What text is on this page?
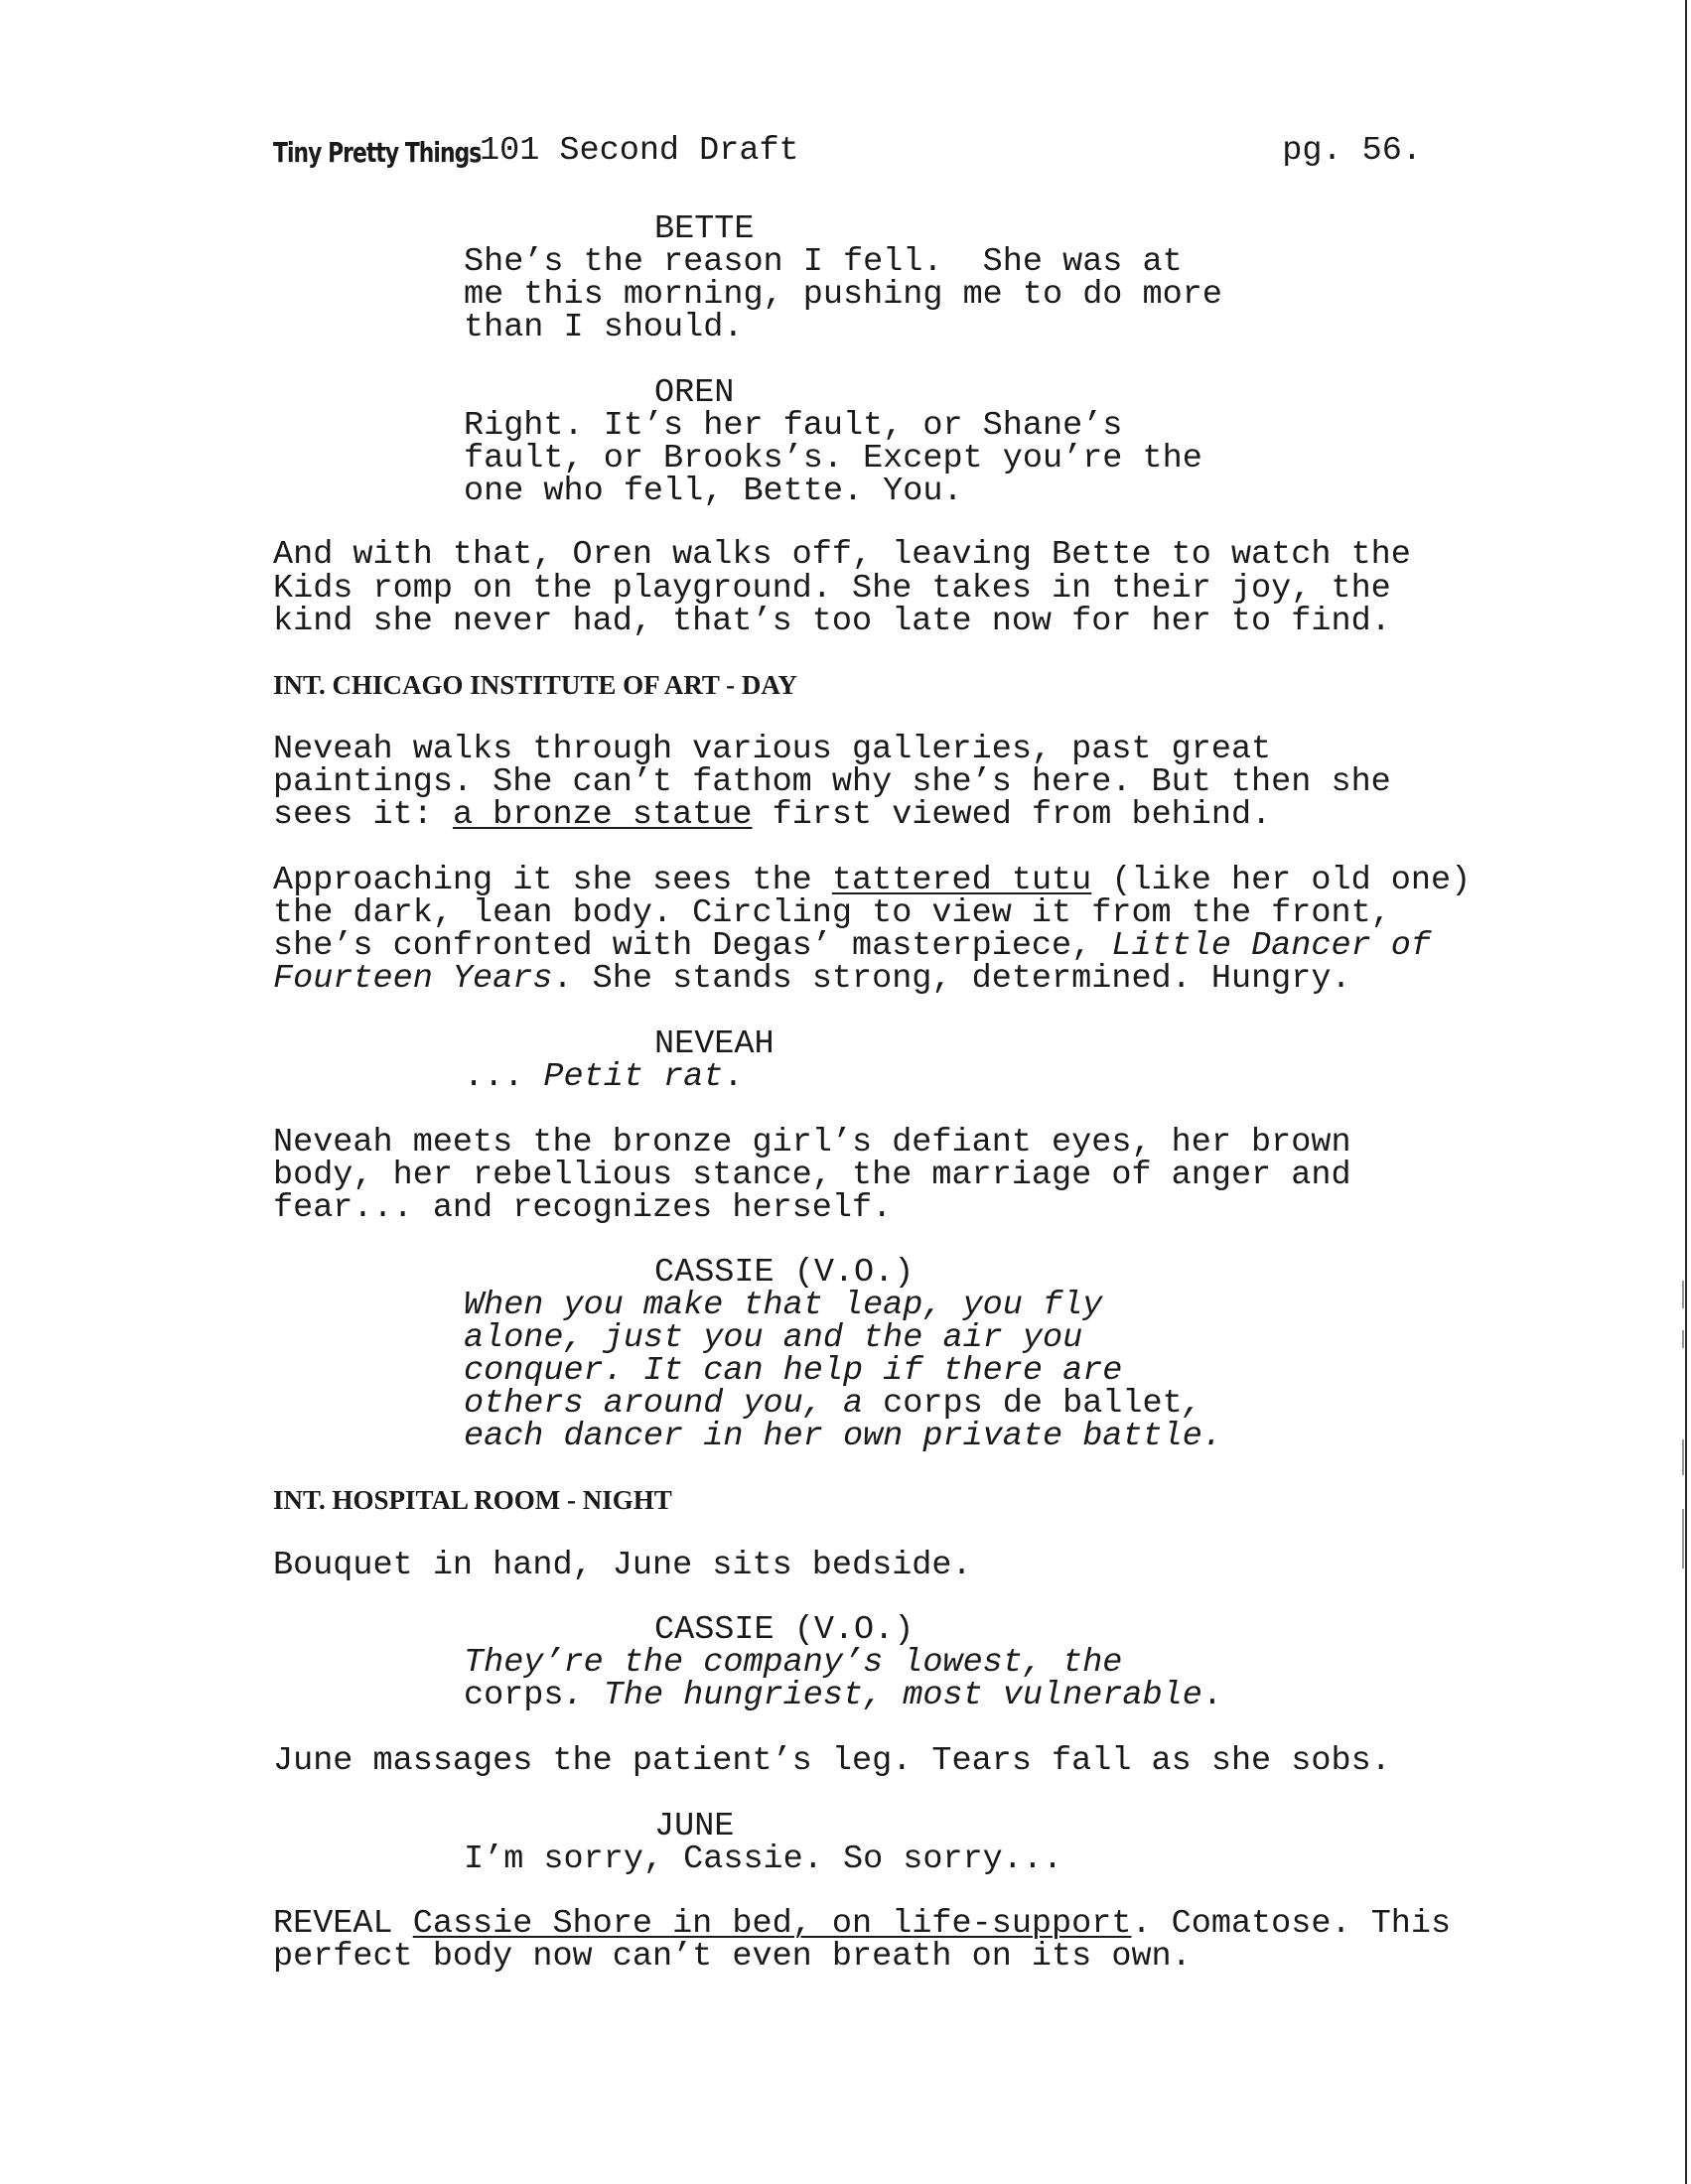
Tiny Pretty Things
101 Second Draft	pg. 56.
BETTE
She’s the reason I fell.  She was at
me this morning, pushing me to do more
than I should.
OREN
Right. It’s her fault, or Shane’s
fault, or Brooks’s. Except you’re the
one who fell, Bette. You.
And with that, Oren walks off, leaving Bette to watch the
Kids romp on the playground. She takes in their joy, the
kind she never had, that’s too late now for her to find.
INT. CHICAGO INSTITUTE OF ART - DAY
Neveah walks through various galleries, past great
paintings. She can’t fathom why she’s here. But then she
sees it: a bronze statue first viewed from behind.
Approaching it she sees the tattered tutu (like her old one)
the dark, lean body. Circling to view it from the front,
she’s confronted with Degas’ masterpiece, Little Dancer of
Fourteen Years. She stands strong, determined. Hungry.
NEVEAH
... Petit rat.
Neveah meets the bronze girl’s defiant eyes, her brown
body, her rebellious stance, the marriage of anger and
fear... and recognizes herself.
CASSIE (V.O.)
When you make that leap, you fly
alone, just you and the air you
conquer. It can help if there are
others around you, a corps de ballet,
each dancer in her own private battle.
INT. HOSPITAL ROOM - NIGHT
Bouquet in hand, June sits bedside.
CASSIE (V.O.)
They’re the company’s lowest, the
corps. The hungriest, most vulnerable.
June massages the patient’s leg. Tears fall as she sobs.
JUNE
I’m sorry, Cassie. So sorry...
REVEAL Cassie Shore in bed, on life-support. Comatose. This
perfect body now can’t even breath on its own.
